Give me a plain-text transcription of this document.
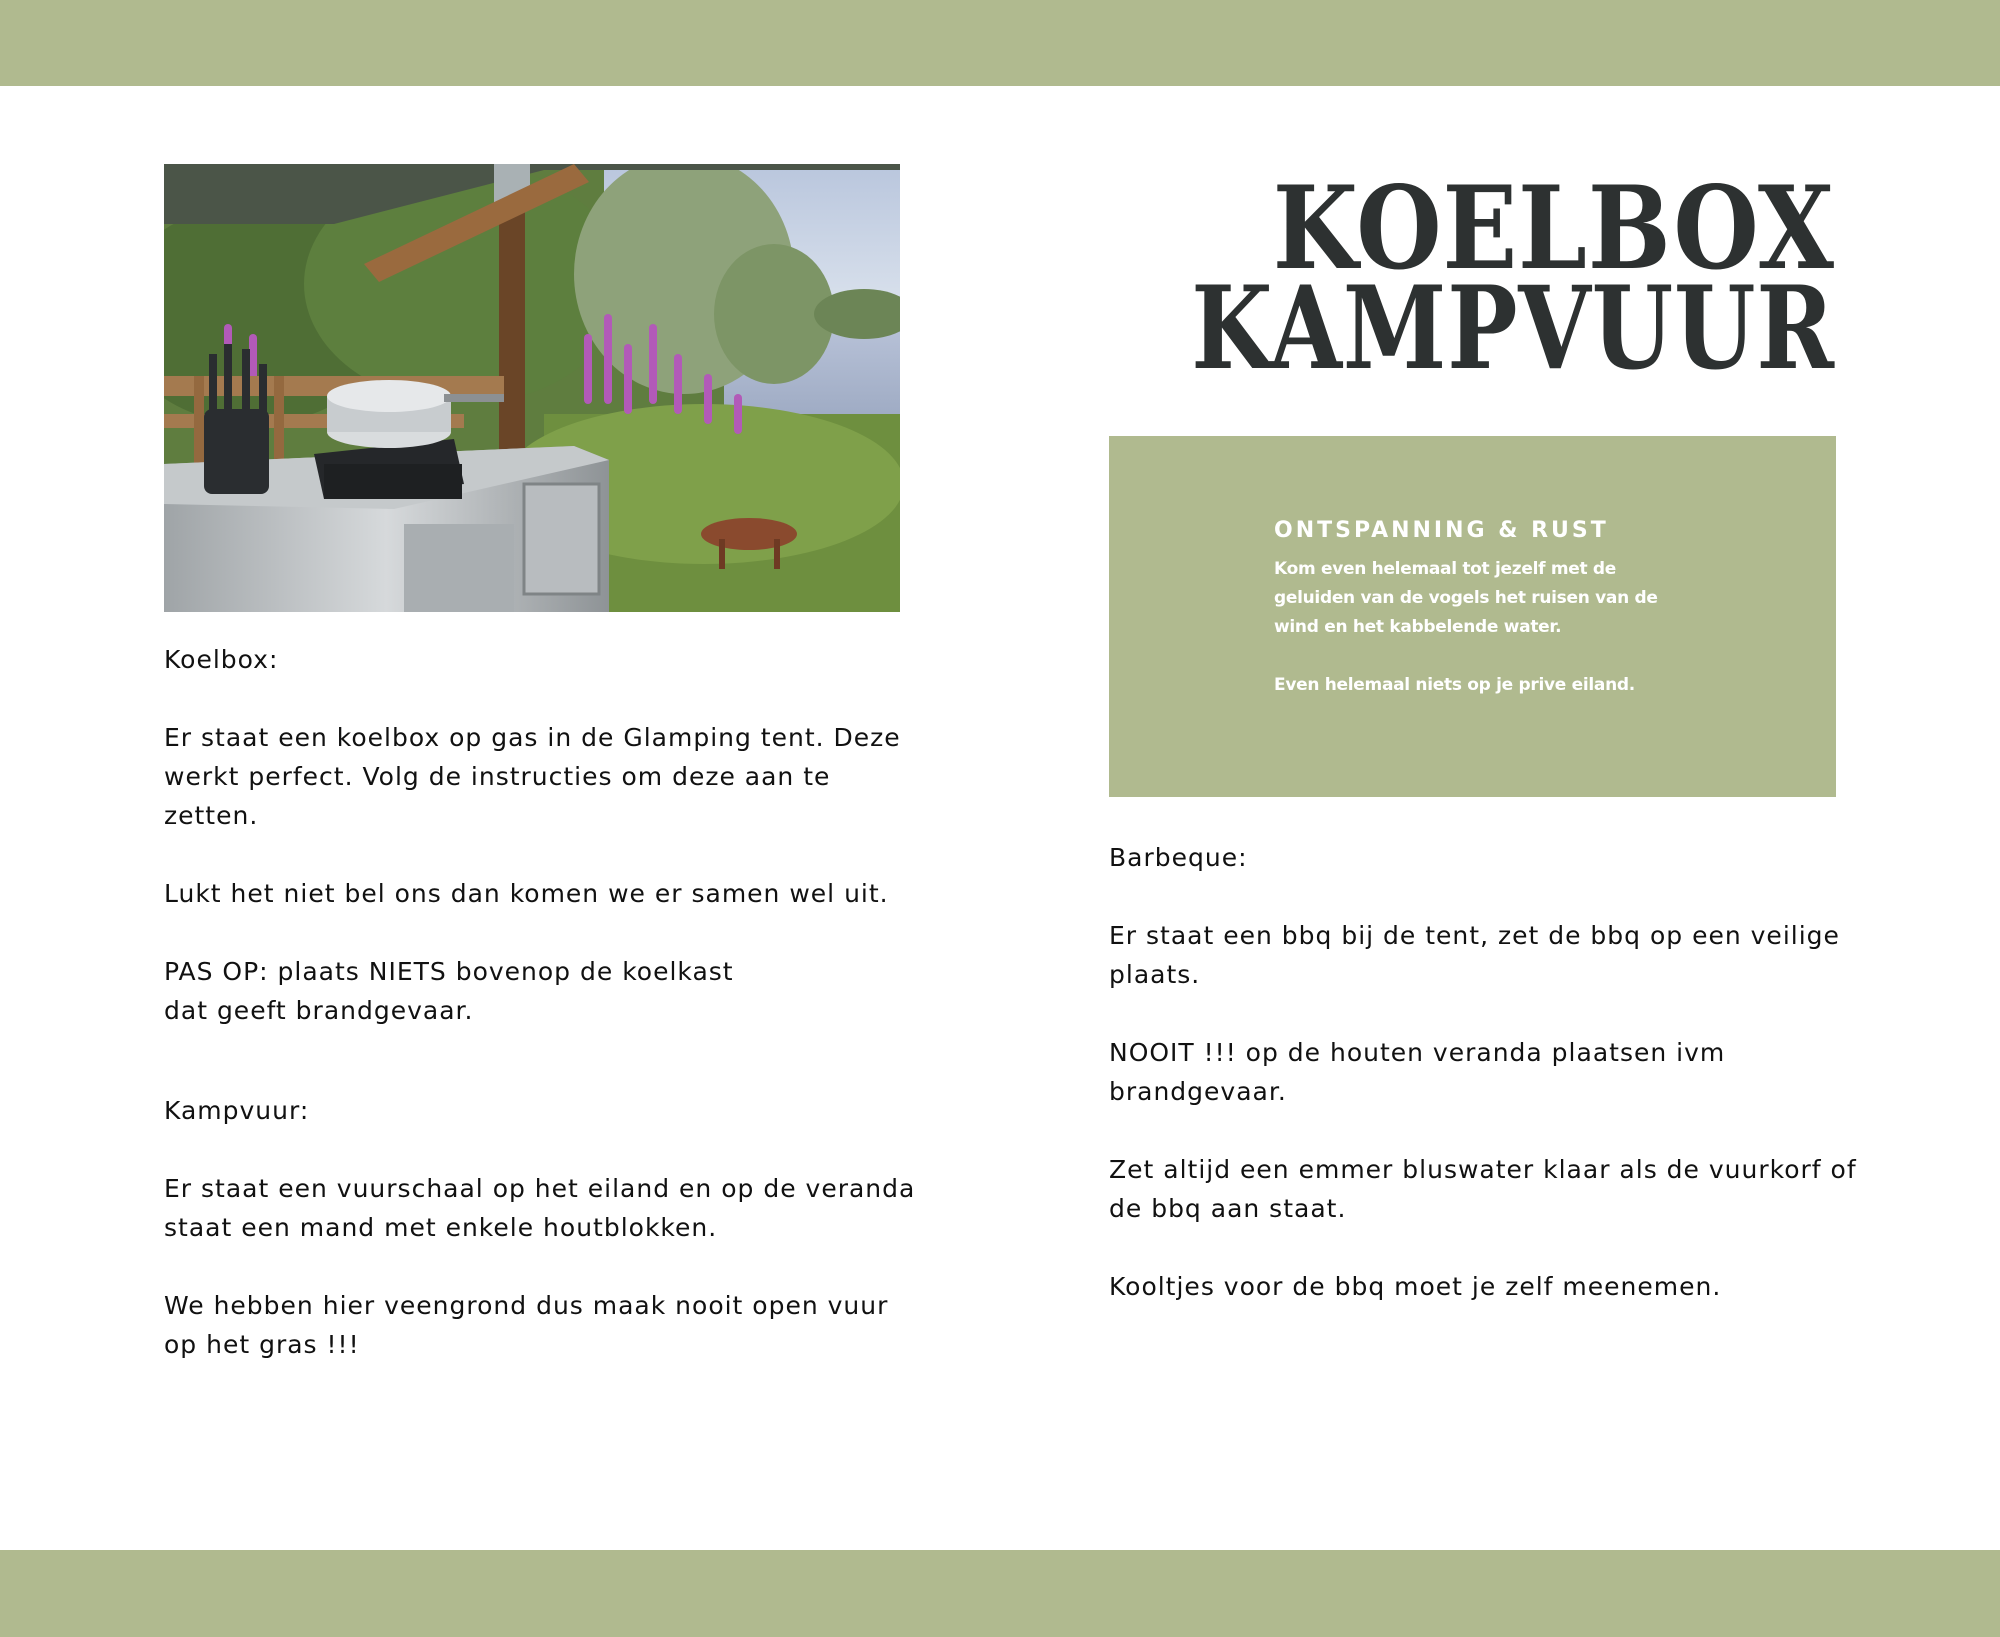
KOELBOX
KAMPVUUR
ONTSPANNING & RUST

Kom even helemaal tot jezelf met de geluiden van de vogels het ruisen van de wind en het kabbelende water.

Even helemaal niets op je prive eiland.

Koelbox:

Er staat een koelbox op gas in de Glamping tent. Deze werkt perfect. Volg de instructies om deze aan te zetten.

Lukt het niet bel ons dan komen we er samen wel uit.

PAS OP: plaats NIETS bovenop de koelkast

dat geeft brandgevaar.

Kampvuur:

Er staat een vuurschaal op het eiland en op de veranda staat een mand met enkele houtblokken.

We hebben hier veengrond dus maak nooit open vuur op het gras !!!

Barbeque:

Er staat een bbq bij de tent, zet de bbq op een veilige plaats.

NOOIT !!! op de houten veranda plaatsen ivm brandgevaar.

Zet altijd een emmer bluswater klaar als de vuurkorf of de bbq aan staat.

Kooltjes voor de bbq moet je zelf meenemen.
